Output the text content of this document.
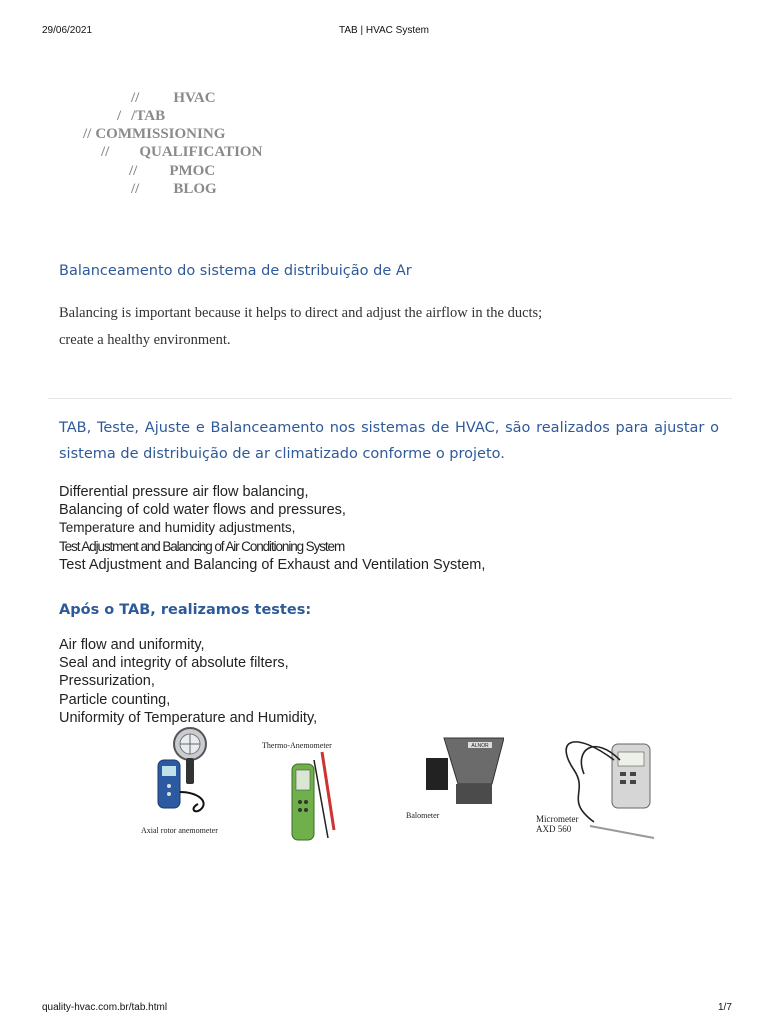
29/06/2021	TAB | HVAC System

// HVAC

/ /TAB

// COMMISSIONING

// QUALIFICATION

// PMOC

// BLOG

Balanceamento do sistema de distribuição de Ar
Balancing is important because it helps to direct and adjust the airflow in the ducts;
create a healthy environment.
TAB, Teste, Ajuste e Balanceamento nos sistemas de HVAC, são realizados para ajustar o
sistema de distribuição de ar climatizado conforme o projeto.
Differential pressure air flow balancing,
Balancing of cold water flows and pressures,
Temperature and humidity adjustments,
Test Adjustment and Balancing of Air Conditioning System
Test Adjustment and Balancing of Exhaust and Ventilation System,
Após o TAB, realizamos testes:
Air flow and uniformity,
Seal and integrity of absolute filters,
Pressurization,
Particle counting,
Uniformity of Temperature and Humidity,
Axial rotor anemometer
Thermo-Anemometer	ALNOR
Balometer	Micrometer
AXD 560
quality-hvac.com.br/tab.html	1/7
